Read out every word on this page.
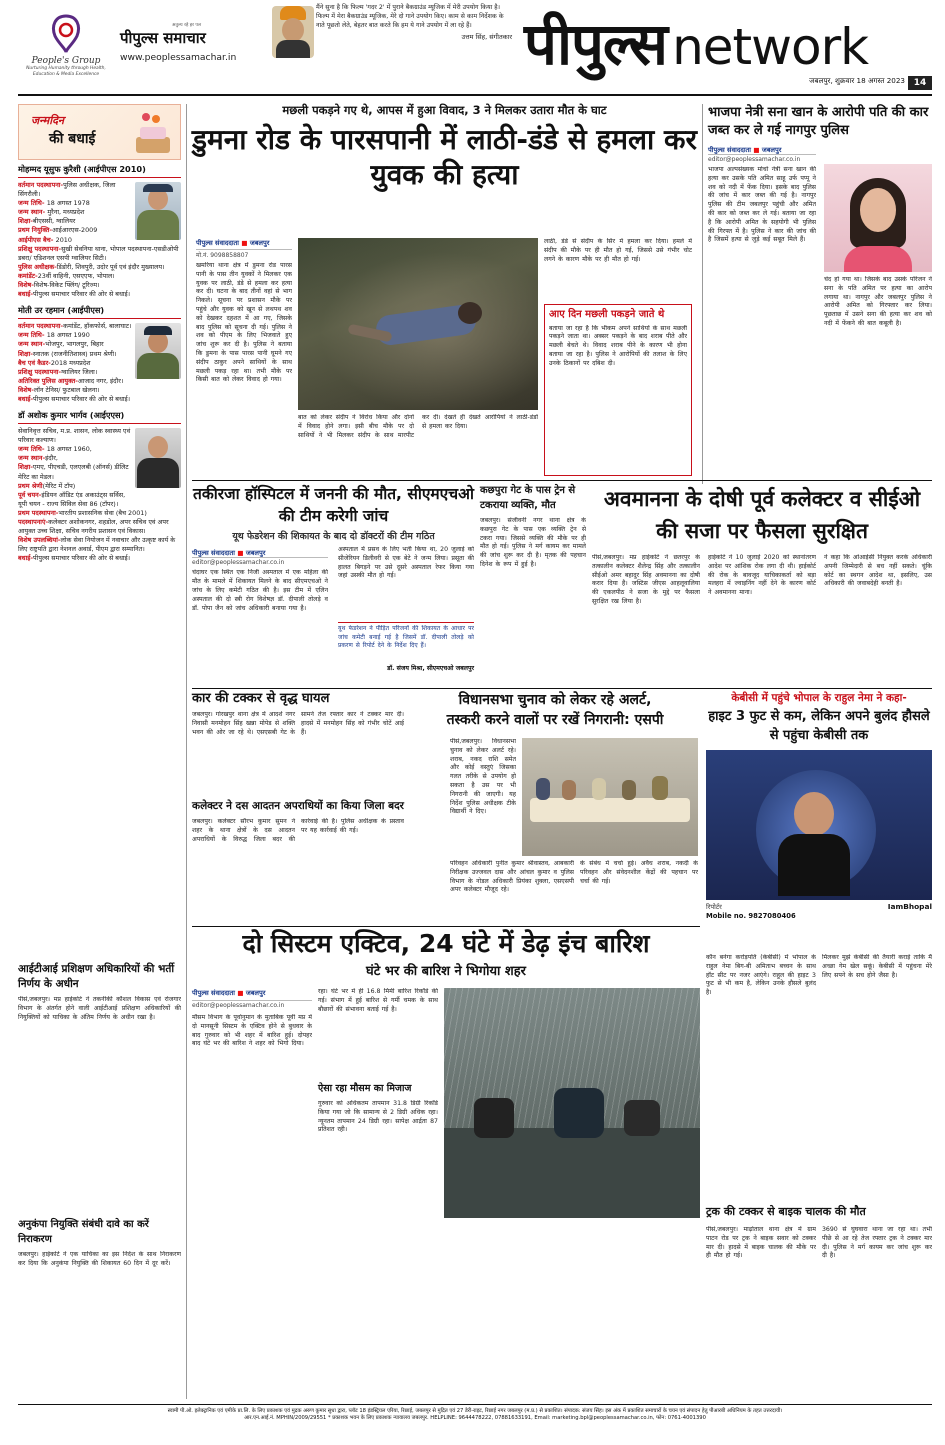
People's Group
Nurturing Humanity through Health, Education & Media Excellence
अतुल्य रहे हर पल
पीपुल्स समाचार
www.peoplessamachar.in
मैंने सुना है कि फिल्म 'गदर 2' में पुराने बैकग्राउंड म्यूजिक में मेरी उपयोग किया है। फिल्म में मेरा बैकग्राउंड म्यूजिक, मेरे दो गाने उपयोग किए। काम से काम निर्देशक के नाते पूछतो लेते, बेहतर बात करते कि हम ये गाने उपयोग में ला रहे हैं।
उत्तम सिंह, संगीतकार पीपुल्स network
जबलपुर, शुक्रवार 18 अगस्त 2023 14
जन्मदिन
की बधाई
मोहम्मद यूसुफ कुरैशी (आईपीएस 2010)
वर्तमान पदस्थापना-पुलिस अधीक्षक, जिला सिंगरौली।
जन्म तिथि- 18 अगस्त 1978
जन्म स्थान- मुरैना, मध्यप्रदेश
शिक्षा-बीएससी, ग्वालियर
प्रथम नियुक्ति-आईआरएस-2009
आईपीएस बैच- 2010
प्रशिक्षु पदस्थापना-सुखी सेवनिया थाना, भोपाल पदस्थापना-एसडीओपी डबरा/ एडिशनल एसपी ग्वालियर सिटी।
पुलिस अधीक्षक-डिंडोरी, शिवपुरी, उदोर पूर्व एवं इंदौर मुख्यालय।
कमांडेंट-23वीं वाहिनी, एसएएफ, भोपाल।
विशेष-विशेष-विकेट फ्लिंग/ टूरिज्म।
बधाई-पीपुल्स समाचार परिवार की ओर से बधाई।
मोती उर रहमान (आईपीएस)
वर्तमान पदस्थापना-कमांडेंट, हॉकफोर्स, बालाघाट।
जन्म तिथि- 18 अगस्त 1990
जन्म स्थान-भोजपुर, भागलपुर, बिहार
शिक्षा-स्नातक (राजनीतिशास्त्र) प्रथम श्रेणी।
बैच एवं कैडर-2018 मध्यप्रदेश
प्रशिक्षु पदस्थापना-ग्वालियर जिला।
अतिरिक्त पुलिस आयुक्त-आजाद नगर, इंदौर।
विशेष-लॉन टेनिस/ फुटबाल खेलना।
बधाई-पीपुल्स समाचार परिवार की ओर से बधाई।
डॉ अशोक कुमार भार्गव (आईएएस)
सेवानिवृत्त सचिव, म.प्र. शासन, लोक स्वास्थ्य एवं परिवार कल्याण।
जन्म तिथि- 18 अगस्त 1960,
जन्म स्थान-इंदौर,
शिक्षा-एमए, पीएचडी, एलएलबी (ऑनर्स) डीलिट मेरिट का मेडल।
प्रथम श्रेणी(मेरिट में टॉप)
पूर्व चयन-इंडियन ऑडिट एंड अकाउंट्स सर्विस, यूपी चयन - राज्य सिविल सेवा 86 (टॉपर)।
प्रथम पदस्थापना-भारतीय प्रशासनिक सेवा (बैच 2001)
पदस्थापनाएं-कलेक्टर अशोकनगर, शहडोल, अपर सचिव एवं अपर आयुक्त उच्च शिक्षा, सचिव नगरीय प्रशासन एवं विकास।
विशेष उपलब्धियां-लोक सेवा नियोजन में नवाचार और उत्कृष्ट कार्य के लिए राष्ट्रपति द्वारा नेशनल अवार्ड, पीएम द्वारा सम्मानित।
बधाई-पीपुल्स समाचार परिवार की ओर से बधाई।
मछली पकड़ने गए थे, आपस में हुआ विवाद, 3 ने मिलकर उतारा मौत के घाट
डुमना रोड के पारसपानी में लाठी-डंडे से हमला कर युवक की हत्या
पीपुल्स संवाददाता ■ जबलपुर
मो.नं. 9098858807
खमरिया थाना क्षेत्र में डुमना रोड पारस पानी के पास तीन युवकों ने मिलकर एक युवक पर लाठी, डंडे से हमला कर हत्या कर दी। घटना के बाद तीनों वहां से भाग निकले। सूचना पर प्रशासन मौके पर पहुंचे और युवक को खून से लथपथ शव को देखकर दहशत में आ गए, जिसके बाद पुलिस को सूचना दी गई। पुलिस ने शव को पीएम के लिए भिजवाते हुए जांच शुरू कर दी है। पुलिस ने बताया कि डुमना के पास पारस पानी घूमने गए संदीप ठाकुर अपने साथियों के साथ मछली पकड़ रहा था। तभी मौके पर किसी बात को लेकर विवाद हो गया।
बात को लेकर संदीप ने विरोध किया और दोनों में विवाद होने लगा। इसी बीच मौके पर दो साथियों ने भी मिलकर संदीप के साथ मारपीट कर दी। देखते ही देखते आरोपियों ने लाठी-डंडों से हमला कर दिया।
लाठी, डंडे से संदीप के सिर में हमला कर दिया। हमले में संदीप की मौके पर ही मौत हो गई, जिससे उसे गंभीर चोट लगने के कारण मौके पर ही मौत हो गई।
आए दिन मछली पकड़ने जाते थे
बताया जा रहा है कि भीकम अपने साथियों के साथ मछली पकड़ने जाता था। अक्सर पकड़ने के बाद शराब पीते और मछली बेचते थे। विवाद शराब पीने के कारण भी होना बताया जा रहा है। पुलिस ने आरोपियों की तलाश के लिए उनके ठिकानों पर दबिश दी।
भाजपा नेत्री सना खान के आरोपी पति की कार जब्त कर ले गई नागपुर पुलिस
पीपुल्स संवाददाता ■ जबलपुर
editor@peoplessamachar.co.in
भाजपा अल्पसंख्यक मोर्चा नेत्री सना खान की हत्या कर उसके पति अमित साहू उर्फ पप्पू ने शव को नदी में फेंक दिया। इसके बाद पुलिस की जांच में कार जब्त की गई है। नागपुर पुलिस की टीम जबलपुर पहुंची और अमित की कार को जब्त कर ले गई। बताया जा रहा है कि आरोपी अमित के सहयोगी भी पुलिस की गिरफ्त में है। पुलिस ने कार की जांच की है जिसमें हत्या से जुड़े कई सबूत मिले हैं।
चंद हो गया था। जिसके बाद उसके परिजन ने सना के पति अमित पर हत्या का आरोप लगाया था। नागपुर और जबलपुर पुलिस ने आरोपी अमित को गिरफ्तार कर लिया। पूछताछ में उसने सना की हत्या कर शव को नदी में फेंकने की बात कबूली है।
तकीरजा हॉस्पिटल में जननी की मौत, सीएमएचओ की टीम करेगी जांच
यूथ फेडरेशन की शिकायत के बाद दो डॉक्टरों की टीम गठित
पीपुल्स संवाददाता ■ जबलपुर
editor@peoplessamachar.co.in
चंदाघर एक स्थित एक निजी अस्पताल में एक महिला की मौत के मामले में शिकायत मिलने के बाद सीएमएचओ ने जांच के लिए कमेटी गठित की है। इस टीम में एलिन अस्पताल की दो स्त्री रोग विशेषज्ञ डॉ. दीपाली तोलड़े व डॉ. पोपा जैन को जांच अधिकारी बनाया गया है।
अस्पताल में प्रसव के लिए भर्ती किया था, 20 जुलाई को सीजेरियन डिलीवरी से एक बेटे ने जन्म लिया। प्रसूता की हालत बिगड़ने पर उसे दूसरे अस्पताल रेफर किया गया जहां उसकी मौत हो गई।
यूथ फेडरेशन ने पीड़ित परिजनों की शिकायत के आधार पर जांच कमेटी बनाई गई है जिसमें डॉ. दीपाली तोलड़े को प्रकरण से रिपोर्ट देने के निर्देश दिए हैं।
डॉ. संजय मिश्रा, सीएमएचओ जबलपुर
कछपुरा गेट के पास ट्रेन से टकराया व्यक्ति, मौत
जबलपुर। संजीवनी नगर थाना क्षेत्र के कछपुरा गेट के पास एक व्यक्ति ट्रेन से टकरा गया। जिससे व्यक्ति की मौके पर ही मौत हो गई। पुलिस ने मर्ग कायम कर मामले की जांच शुरू कर दी है। मृतक की पहचान दिनेश के रूप में हुई है।
अवमानना के दोषी पूर्व कलेक्टर व सीईओ की सजा पर फैसला सुरक्षित
पीसं,जबलपुर। मप्र हाईकोर्ट ने छतरपुर के तत्कालीन कलेक्टर शैलेन्द्र सिंह और तत्कालीन सीईओ अमर बहादुर सिंह अवमानना का दोषी करार दिया है। जस्टिस जीएस आहलूवालिया की एकलपीठ ने सजा के मुद्दे पर फैसला सुरक्षित रख लिया है।
हाईकोर्ट ने 10 जुलाई 2020 को स्थानांतरण आदेश पर आंशिक रोक लगा दी थी। हाईकोर्ट की रोक के बावजूद याचिकाकर्ता को बड़ा मलहरा में ज्वाइनिंग नहीं देने के कारण कोर्ट ने अवमानना माना।
ने कहा कि ओआईसी नियुक्त करके अधिकारी अपनी जिम्मेदारी से बच नहीं सकते। चूंकि कोर्ट का स्थगन आदेश था, इसलिए, उस अधिकारी की जवाबदेही बनती है।
कार की टक्कर से वृद्ध घायल
जबलपुर। गोरखपुर थाना क्षेत्र में आदर्श नगर निवासी मनमोहन सिंह खन्ना मोपेड से शक्ति भवन की ओर जा रहे थे। एसएसबी गेट के सामने तेज रफ्तार कार ने टक्कर मार दी। हादसे में मनमोहन सिंह को गंभीर चोटें आई हैं।
कलेक्टर ने दस आदतन अपराधियों का किया जिला बदर
जबलपुर। कलेक्टर सौरभ कुमार सुमन ने शहर के थाना क्षेत्रों के दस आदतन अपराधियों के विरुद्ध जिला बदर की कार्रवाई की है। पुलिस अधीक्षक के प्रस्ताव पर यह कार्रवाई की गई।
विधानसभा चुनाव को लेकर रहे अलर्ट,
तस्करी करने वालों पर रखें निगरानी: एसपी
पीसं,जबलपुर। विधानसभा चुनाव को लेकर अलर्ट रहे। शराब, नकद राशि समेत और कोई वस्तुएं जिसका गलत तरीके से उपयोग हो सकता है उस पर भी निगरानी की जाएगी। यह निर्देश पुलिस अधीक्षक टीके विद्यार्थी ने दिए।
परिवहन अधिकारी पुनीत कुमार श्रीवास्तव, आबकारी निरीक्षक उज्जवल दास और आंचल कुमार व पुलिस विभाग के नोडल अधिकारी प्रियंका शुक्ला, एसएसपी अपर कलेक्टर मौजूद रहे।
के संबंध में चर्चा हुई। अवैध शराब, नकदी के परिवहन और संवेदनशील केंद्रों की पहचान पर चर्चा की गई।
केबीसी में पहुंचे भोपाल के राहुल नेमा ने कहा-
हाइट 3 फुट से कम, लेकिन अपने बुलंद हौसले से पहुंचा केबीसी तक
रिपोर्टर	IamBhopal
Mobile no. 9827080406
कौन बनेगा करोड़पति (केबीसी) में भोपाल के राहुल नेमा बिग-बी अमिताभ बच्चन के साथ हॉट सीट पर नजर आएंगे। राहुल की हाइट 3 फुट से भी कम है, लेकिन उनके हौसले बुलंद है।
मिलकर मुझे केबीसी की तैयारी कराई ताकि मैं अच्छा गेम खेल सकूं। केबीसी में पहुंचना मेरे लिए सपने के सच होने जैसा है।
आईटीआई प्रशिक्षण अधिकारियों की भर्ती निर्णय के अधीन
पीसं,जबलपुर। मप्र हाईकोर्ट ने तकनीकी कौशल विकास एवं रोजगार विभाग के अंतर्गत होने वाली आईटीआई प्रशिक्षण अधिकारियों की नियुक्तियों को याचिका के अंतिम निर्णय के अधीन रखा है।
अनुकंपा नियुक्ति संबंधी दावे का करें निराकरण
जबलपुर। हाईकोर्ट ने एक याचिका का इस निर्देश के साथ निराकरण कर दिया कि अनुकंपा नियुक्ति की शिकायत 60 दिन में दूर करें।
दो सिस्टम एक्टिव, 24 घंटे में डेढ़ इंच बारिश
घंटे भर की बारिश ने भिगोया शहर
पीपुल्स संवाददाता ■ जबलपुर
editor@peoplessamachar.co.in
मौसम विभाग के पूर्वानुमान के मुताबिक पूर्वी मप्र में दो मानसूनी सिस्टम के एक्टिव होने से बुधवार के बाद गुरुवार को भी शहर में बारिश हुई। दोपहर बाद घंटे भर की बारिश ने शहर को भिगो दिया।
रहा। घंटे भर में ही 16.8 मिमी बारिश रिकॉर्ड की गई। संभाग में हुई बारिश से गर्मी चमक के साथ बौछारों की संभावना बताई गई है।
ऐसा रहा मौसम का मिजाज
गुरुवार को अधिकतम तापमान 31.8 डिग्री रिकॉर्ड किया गया जो कि सामान्य से 2 डिग्री अधिक रहा। न्यूनतम तापमान 24 डिग्री रहा। सापेक्ष आर्द्रता 87 प्रतिशत रही।
ट्रक की टक्कर से बाइक चालक की मौत
पीसं,जबलपुर। माढ़ोताल थाना क्षेत्र में ग्राम पाटन रोड पर ट्रक ने बाइक सवार को टक्कर मार दी। हादसे में बाइक चालक की मौके पर ही मौत हो गई।
3690 से घुघवारा थाना जा रहा था। तभी पीछे से आ रहे तेज रफ्तार ट्रक ने टक्कर मार दी। पुलिस ने मर्ग कायम कर जांच शुरू कर दी है।
स्वामी पी.ओ. इलेक्ट्रानिक एवं एमीके प्रा.लि. के लिए प्रकाशक एवं मुद्रक अरुण कुमार सुधा द्वारा, प्लॉट 18 इंडस्ट्रियल एरिया, रिछाई, जबलपुर से मुद्रित एवं 27 डेरी-राइट, रिछाई नगर जबलपुर (म.प्र.) से प्रकाशित। संपादक: संजय सिंह। इस अंक में प्रकाशित समाचारों के चयन एवं संपादन हेतु पीआरबी अधिनियम के तहत उत्तरदायी।
आर.एन.आई.नं. MPHIN/2009/29551 * प्रकाशक भवन के लिए प्रकाशक न्यायालय जबलपुर. HELPLINE: 9644478222, 07881633191, Email: marketing.bpl@peoplessamachar.co.in, फोन: 0761-4001390
